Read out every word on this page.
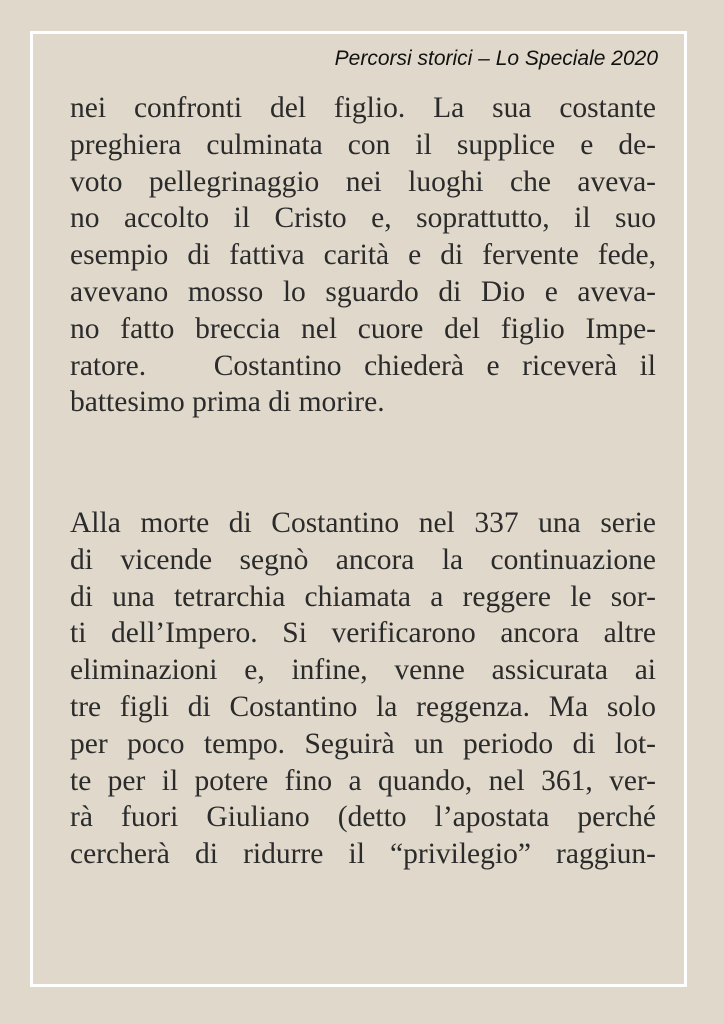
Percorsi storici – Lo Speciale 2020
nei confronti del figlio. La sua costante
preghiera culminata con il supplice e de-
voto pellegrinaggio nei luoghi che aveva-
no accolto il Cristo e, soprattutto, il suo
esempio di fattiva carità e di fervente fede,
avevano mosso lo sguardo di Dio e aveva-
no fatto breccia nel cuore del figlio Impe-
ratore.   Costantino chiederà e riceverà il
battesimo prima di morire.
Alla morte di Costantino nel 337 una serie
di vicende segnò ancora la continuazione
di una tetrarchia chiamata a reggere le sor-
ti dell’Impero. Si verificarono ancora altre
eliminazioni e, infine, venne assicurata ai
tre figli di Costantino la reggenza. Ma solo
per poco tempo. Seguirà un periodo di lot-
te per il potere fino a quando, nel 361, ver-
rà fuori Giuliano (detto l’apostata perché
cercherà di ridurre il “privilegio” raggiun-
